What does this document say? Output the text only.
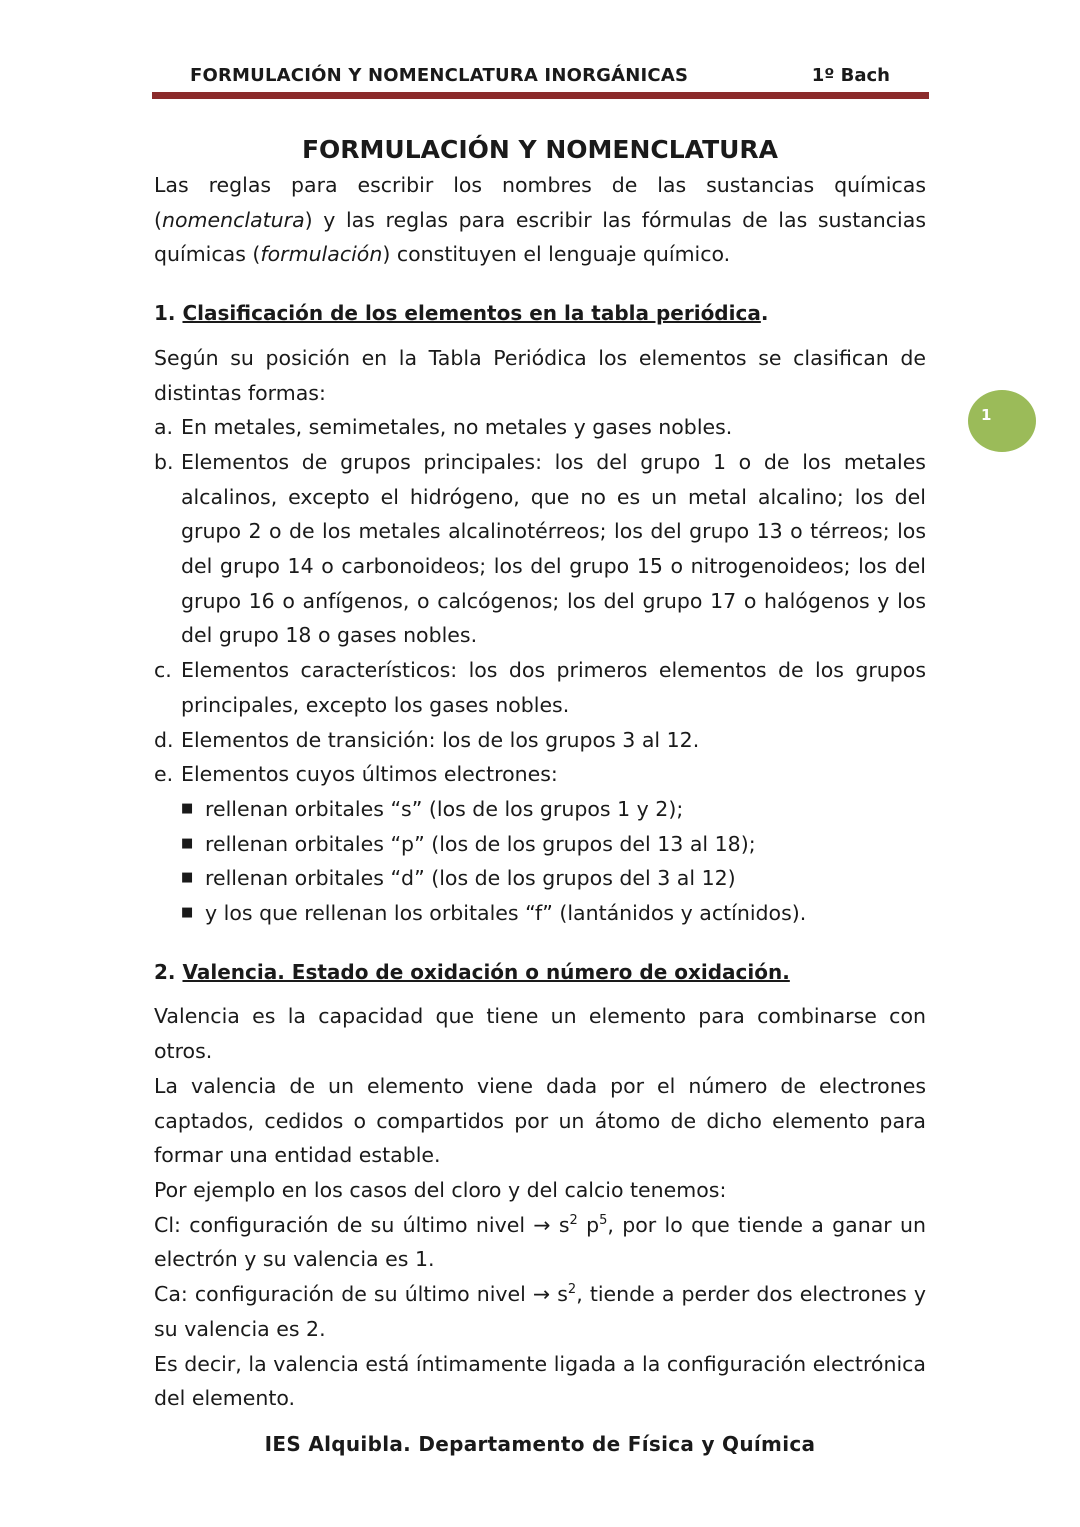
FORMULACIÓN Y NOMENCLATURA INORGÁNICAS	1º Bach
1
FORMULACIÓN Y NOMENCLATURA

Las reglas para escribir los nombres de las sustancias químicas (nomenclatura) y las reglas para escribir las fórmulas de las sustancias químicas (formulación) constituyen el lenguaje químico.

1. Clasificación de los elementos en la tabla periódica.

Según su posición en la Tabla Periódica los elementos se clasifican de distintas formas:

a. En metales, semimetales, no metales y gases nobles.
b. Elementos de grupos principales: los del grupo 1 o de los metales alcalinos, excepto el hidrógeno, que no es un metal alcalino; los del grupo 2 o de los metales alcalinotérreos; los del grupo 13 o térreos; los del grupo 14 o carbonoideos; los del grupo 15 o nitrogenoideos; los del grupo 16 o anfígenos, o calcógenos; los del grupo 17 o halógenos y los del grupo 18 o gases nobles.
c. Elementos característicos: los dos primeros elementos de los grupos principales, excepto los gases nobles.
d. Elementos de transición: los de los grupos 3 al 12.
e. Elementos cuyos últimos electrones:
■ rellenan orbitales “s” (los de los grupos 1 y 2);
■ rellenan orbitales “p” (los de los grupos del 13 al 18);
■ rellenan orbitales “d” (los de los grupos del 3 al 12)
■ y los que rellenan los orbitales “f” (lantánidos y actínidos).
2. Valencia. Estado de oxidación o número de oxidación.

Valencia es la capacidad que tiene un elemento para combinarse con otros.

La valencia de un elemento viene dada por el número de electrones captados, cedidos o compartidos por un átomo de dicho elemento para formar una entidad estable.

Por ejemplo en los casos del cloro y del calcio tenemos:

Cl: configuración de su último nivel → $s^2$ $p^5$, por lo que tiende a ganar un electrón y su valencia es 1.

Ca: configuración de su último nivel → $s^2$, tiende a perder dos electrones y su valencia es 2.

Es decir, la valencia está íntimamente ligada a la configuración electrónica del elemento.

IES Alquibla. Departamento de Física y Química
